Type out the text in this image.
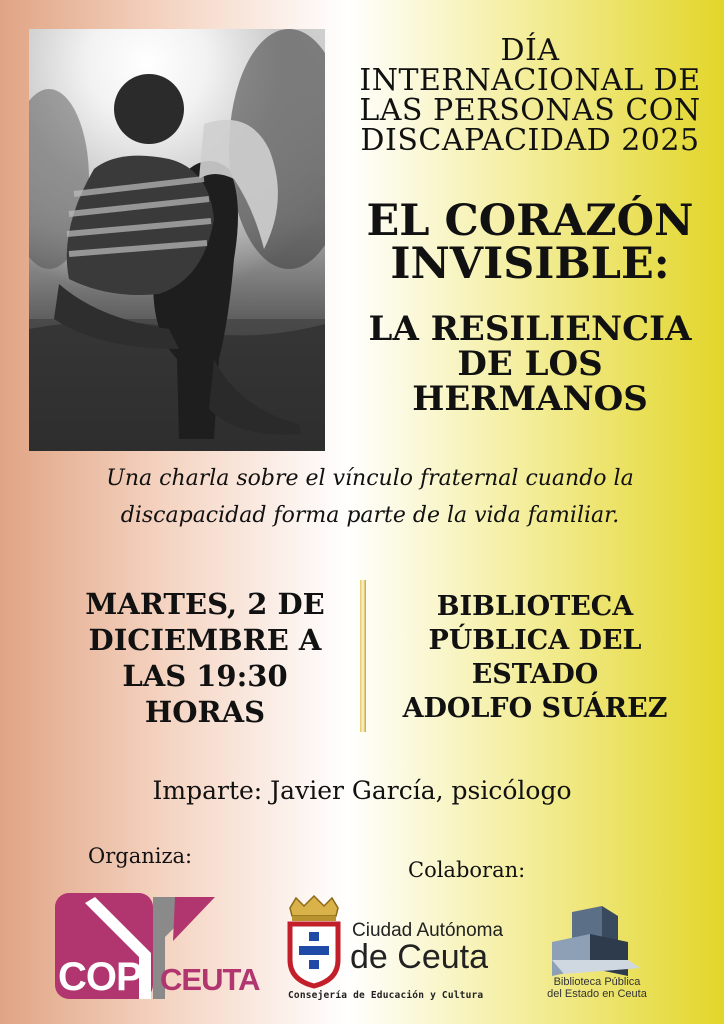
DÍA
INTERNACIONAL DE
LAS PERSONAS CON
DISCAPACIDAD 2025
EL CORAZÓN
INVISIBLE:
LA RESILIENCIA
DE LOS
HERMANOS

Una charla sobre el vínculo fraternal cuando la
discapacidad forma parte de la vida familiar.

MARTES, 2 DE
DICIEMBRE A
LAS 19:30
HORAS
BIBLIOTECA
PÚBLICA DEL
ESTADO
ADOLFO SUÁREZ
Imparte: Javier García, psicólogo
Organiza:
Colaboran:
COP CEUTA
Ciudad Autónoma
de Ceuta
Consejería de Educación y Cultura
Biblioteca Pública
del Estado en Ceuta
